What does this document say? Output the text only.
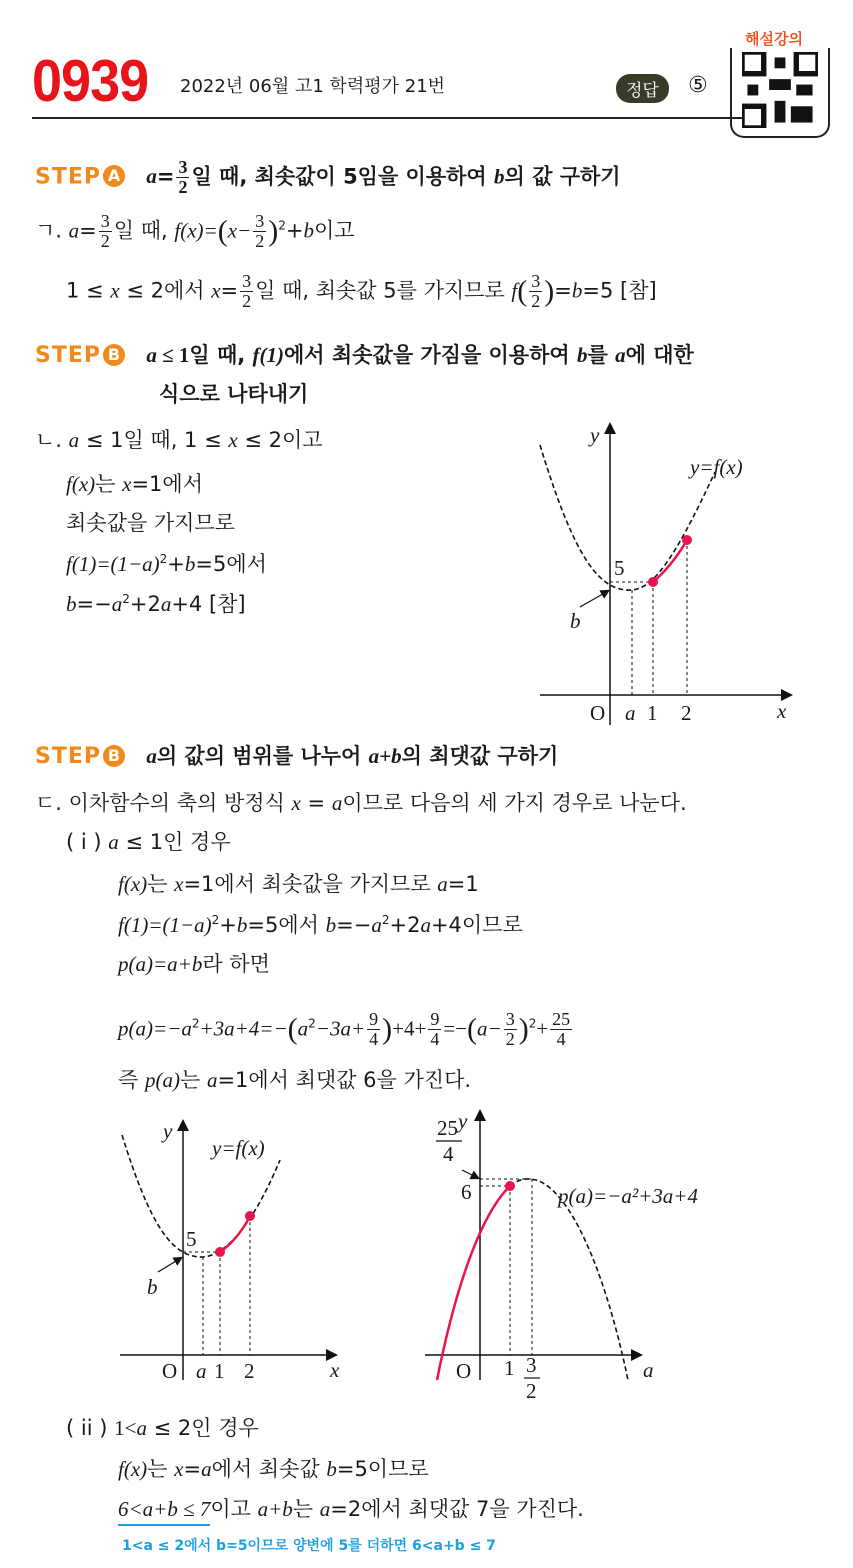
0939 2022년 06월 고1 학력평가 21번	정답	⑤
해설강의
STEP A $a= \frac{3}{2}$ 일 때, 최솟값이 5임을 이용하여 b의 값 구하기
ㄱ. $a= \frac{3}{2}$ 일 때, $f(x)=(x- \frac{3}{2} )^2+b$이고
1 ≤ x ≤ 2에서 $x= \frac{3}{2}$ 일 때, 최솟값 5를 가지므로 $f( \frac{3}{2} )=b=5$ [참]
STEP B a ≤ 1일 때, f(1)에서 최솟값을 가짐을 이용하여 b를 a에 대한
식으로 나타내기
ㄴ. a ≤ 1일 때, 1 ≤ x ≤ 2이고
f(x)는 x=1에서
최솟값을 가지므로
$f(1)=(1-a)^2+b=5$에서
$b=-a^2+2a+4$ [참]
y
x
O a 1 2
5
b
y=f(x)
STEP B a의 값의 범위를 나누어 a+b의 최댓값 구하기
ㄷ. 이차함수의 축의 방정식 x = a이므로 다음의 세 가지 경우로 나눈다.
( i ) a ≤ 1인 경우
f(x)는 x=1에서 최솟값을 가지므로 a=1
$f(1)=(1-a)^2+b=5$에서 $b=-a^2+2a+4$이므로
p(a)=a+b라 하면
$p(a)=-a^2+3a+4=-(a^2-3a+ \frac{9}{4} )+4+ \frac{9}{4} =-(a- \frac{3}{2} )^2+ \frac{25}{4}$
즉 p(a)는 a=1에서 최댓값 6을 가진다.
y
x
O a 1 2
5
b
y=f(x)
y
a
O 1 3
2
6
25
4
p(a)=−a²+3a+4
( ii ) 1<a ≤ 2인 경우
f(x)는 x=a에서 최솟값 b=5이므로
6<a+b ≤ 7이고 a+b는 a=2에서 최댓값 7을 가진다.
1<a ≤ 2에서 b=5이므로 양변에 5를 더하면 6<a+b ≤ 7
